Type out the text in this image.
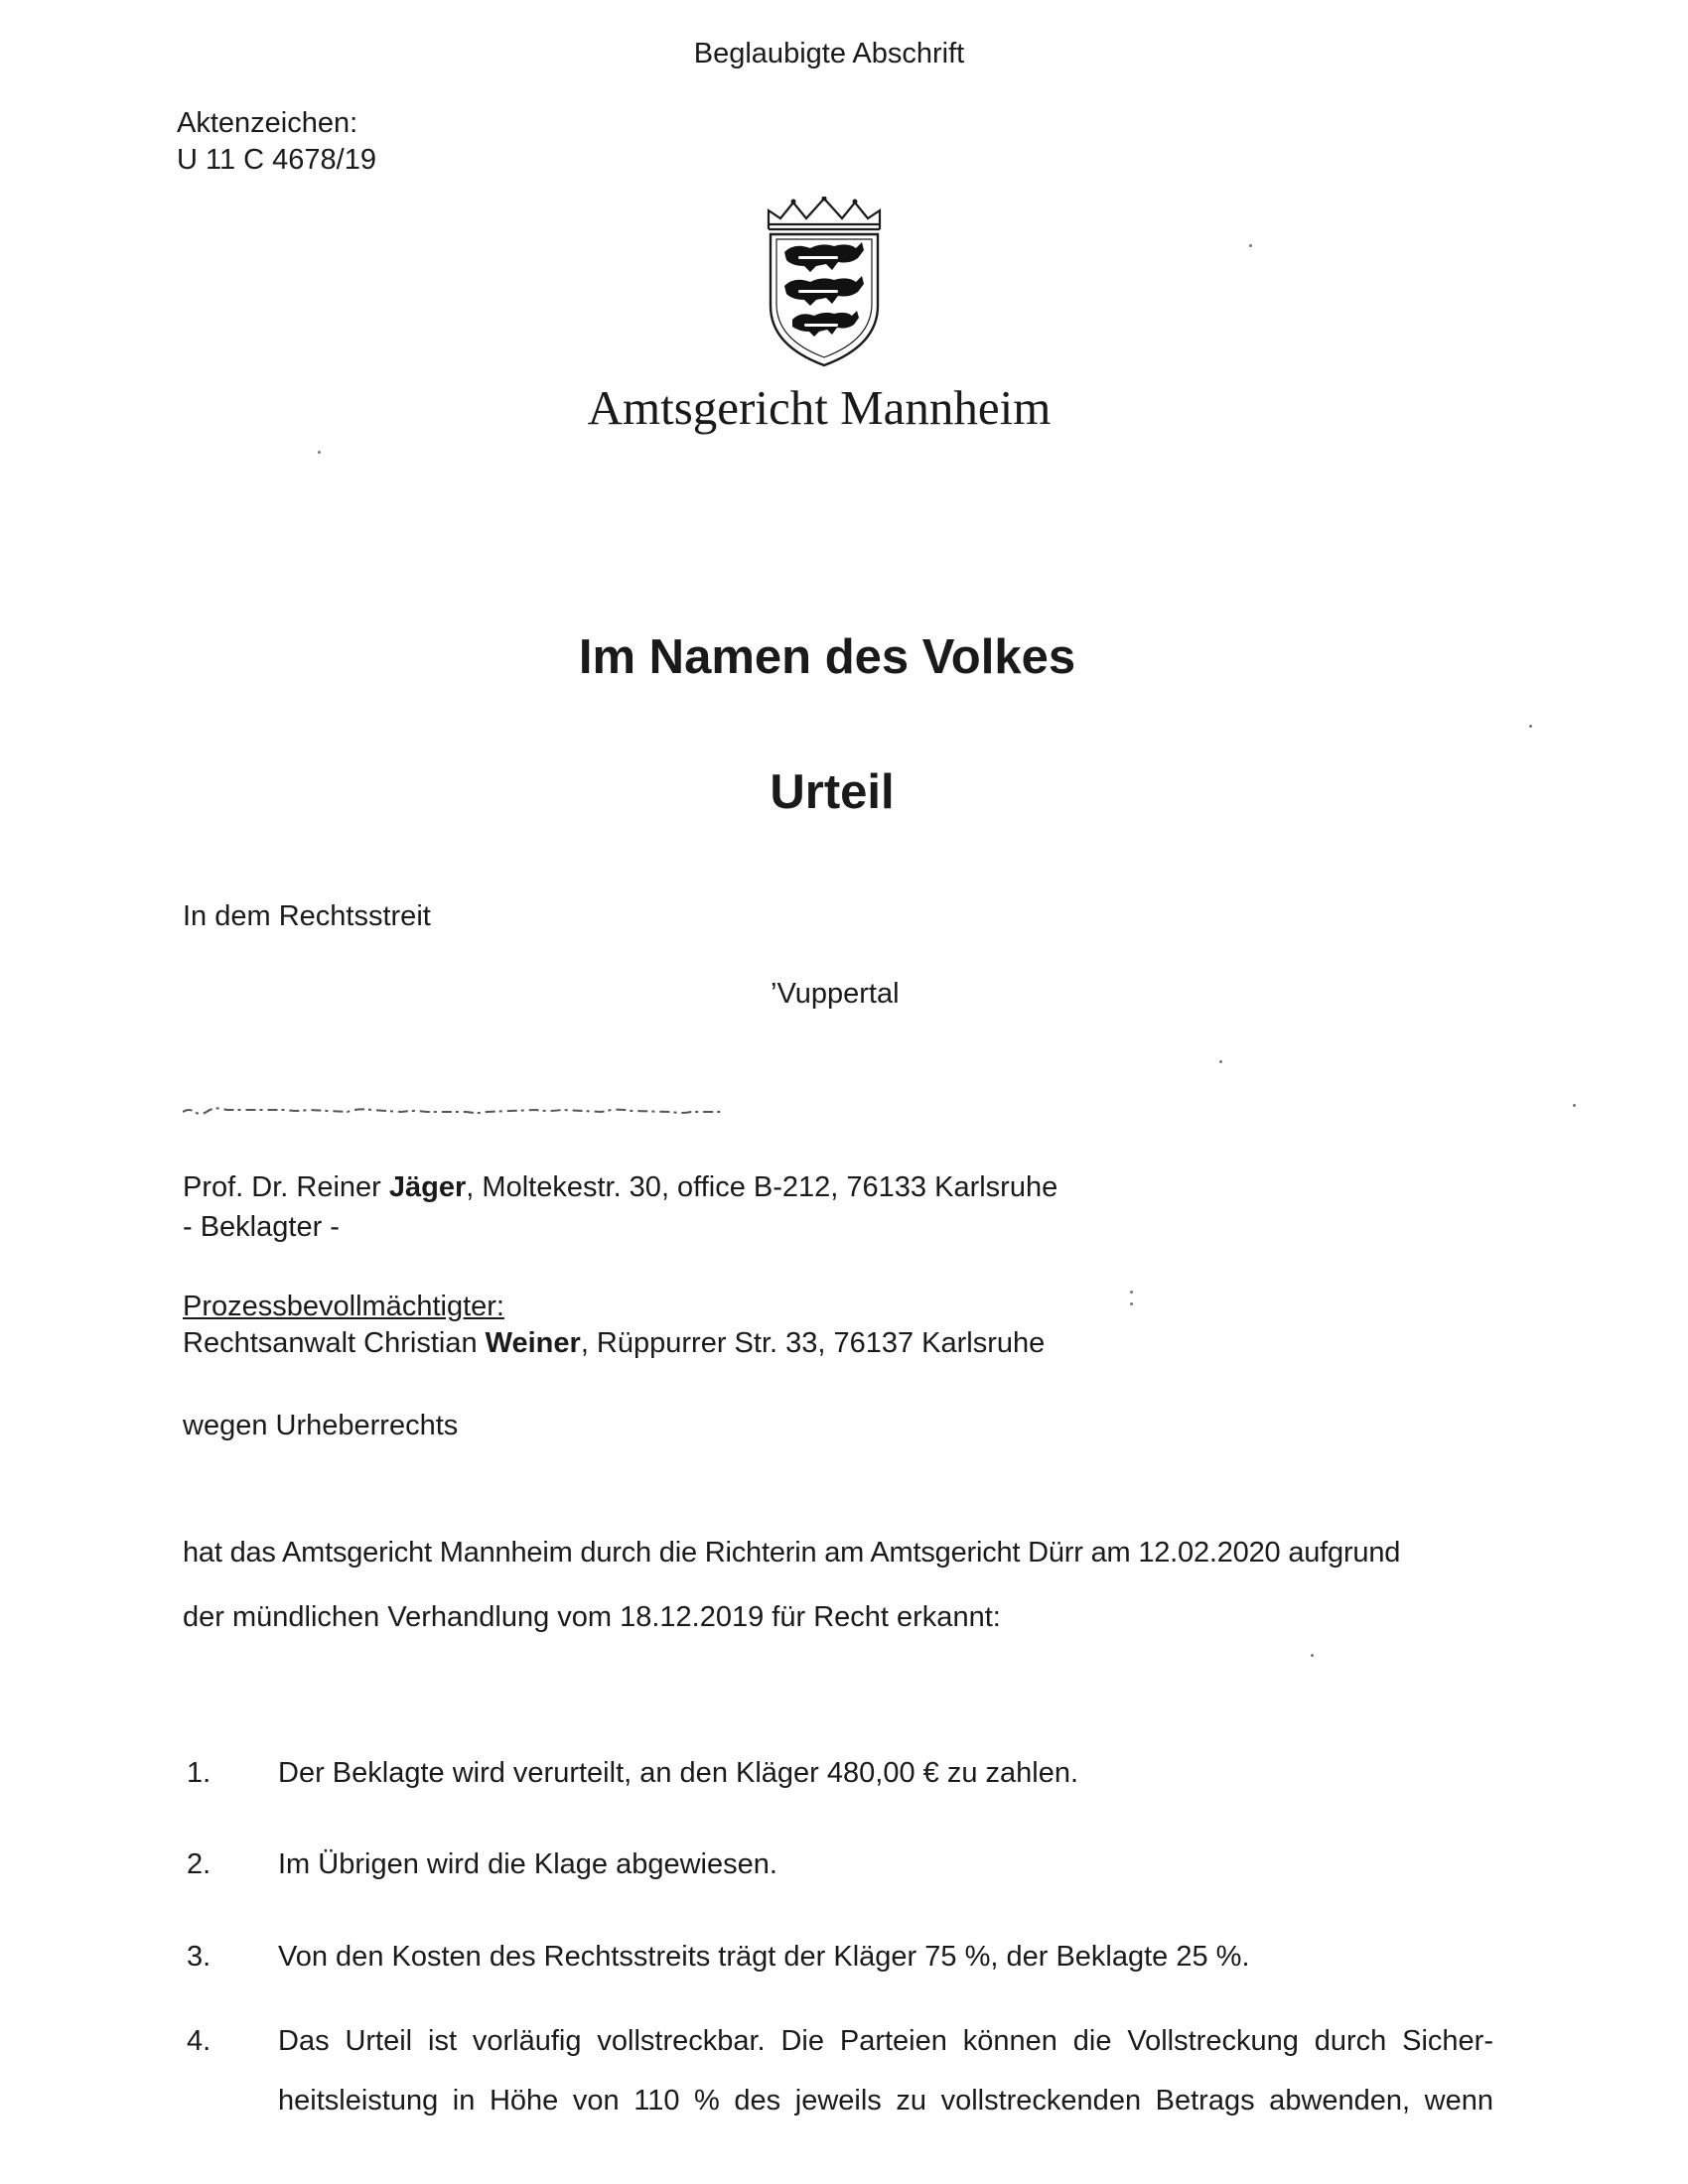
Beglaubigte Abschrift
Aktenzeichen:
U 11 C 4678/19
Amtsgericht Mannheim
Im Namen des Volkes
Urteil
In dem Rechtsstreit
’Vuppertal
Prof. Dr. Reiner Jäger, Moltekestr. 30, office B-212, 76133 Karlsruhe
- Beklagter -
Prozessbevollmächtigter:
Rechtsanwalt Christian Weiner, Rüppurrer Str. 33, 76137 Karlsruhe
wegen Urheberrechts
hat das Amtsgericht Mannheim durch die Richterin am Amtsgericht Dürr am 12.02.2020 aufgrund
der mündlichen Verhandlung vom 18.12.2019 für Recht erkannt:
1. Der Beklagte wird verurteilt, an den Kläger 480,00 € zu zahlen.
2. Im Übrigen wird die Klage abgewiesen.
3. Von den Kosten des Rechtsstreits trägt der Kläger 75 %, der Beklagte 25 %.
4. Das Urteil ist vorläufig vollstreckbar. Die Parteien können die Vollstreckung durch Sicher-
heitsleistung in Höhe von 110 % des jeweils zu vollstreckenden Betrags abwenden, wenn
